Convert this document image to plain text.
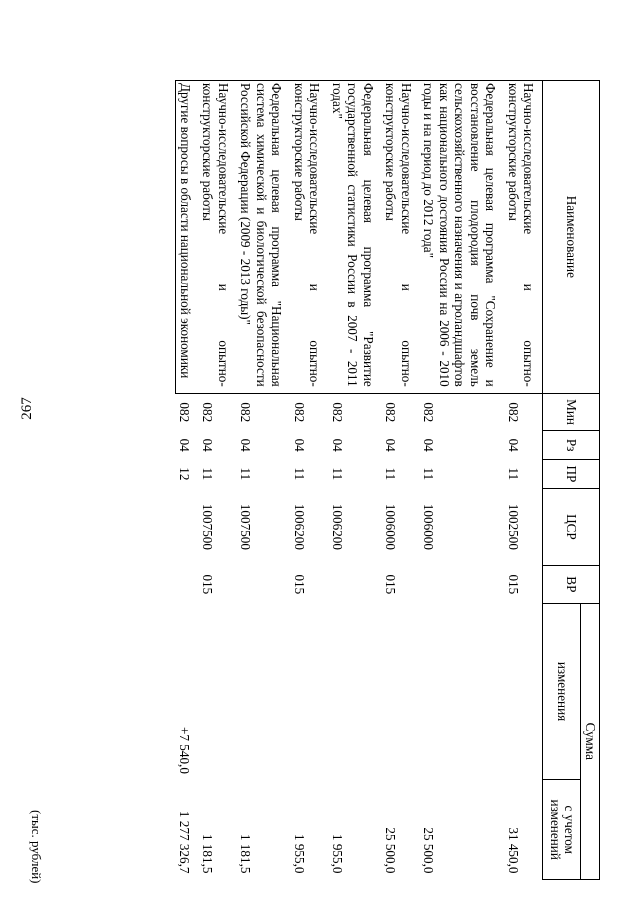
267
(тыс. рублей)
Наименование	Мин	Рз	ПР	ЦСР	ВР	Сумма	
						изменения	с учетом изменений
Научно-исследовательские и опытно-конструкторские работы	082	04	11	1002500	015		31 450,0
Федеральная целевая программа "Сохранение и восстановление плодородия почв земель сельскохозяйственного назначения и агроландшафтов как национального достояния России на 2006 - 2010 годы и на период до 2012 года"	082	04	11	1006000			25 500,0
Научно-исследовательские и опытно-конструкторские работы	082	04	11	1006000	015		25 500,0
Федеральная целевая программа "Развитие государственной статистики России в 2007 - 2011 годах"	082	04	11	1006200			1 955,0
Научно-исследовательские и опытно-конструкторские работы	082	04	11	1006200	015		1 955,0
Федеральная целевая программа "Национальная система химической и биологической безопасности Российской Федерации (2009 - 2013 годы)"	082	04	11	1007500			1 181,5
Научно-исследовательские и опытно-конструкторские работы	082	04	11	1007500	015		1 181,5
Другие вопросы в области национальной экономики	082	04	12			+7 540,0	1 277 326,7
